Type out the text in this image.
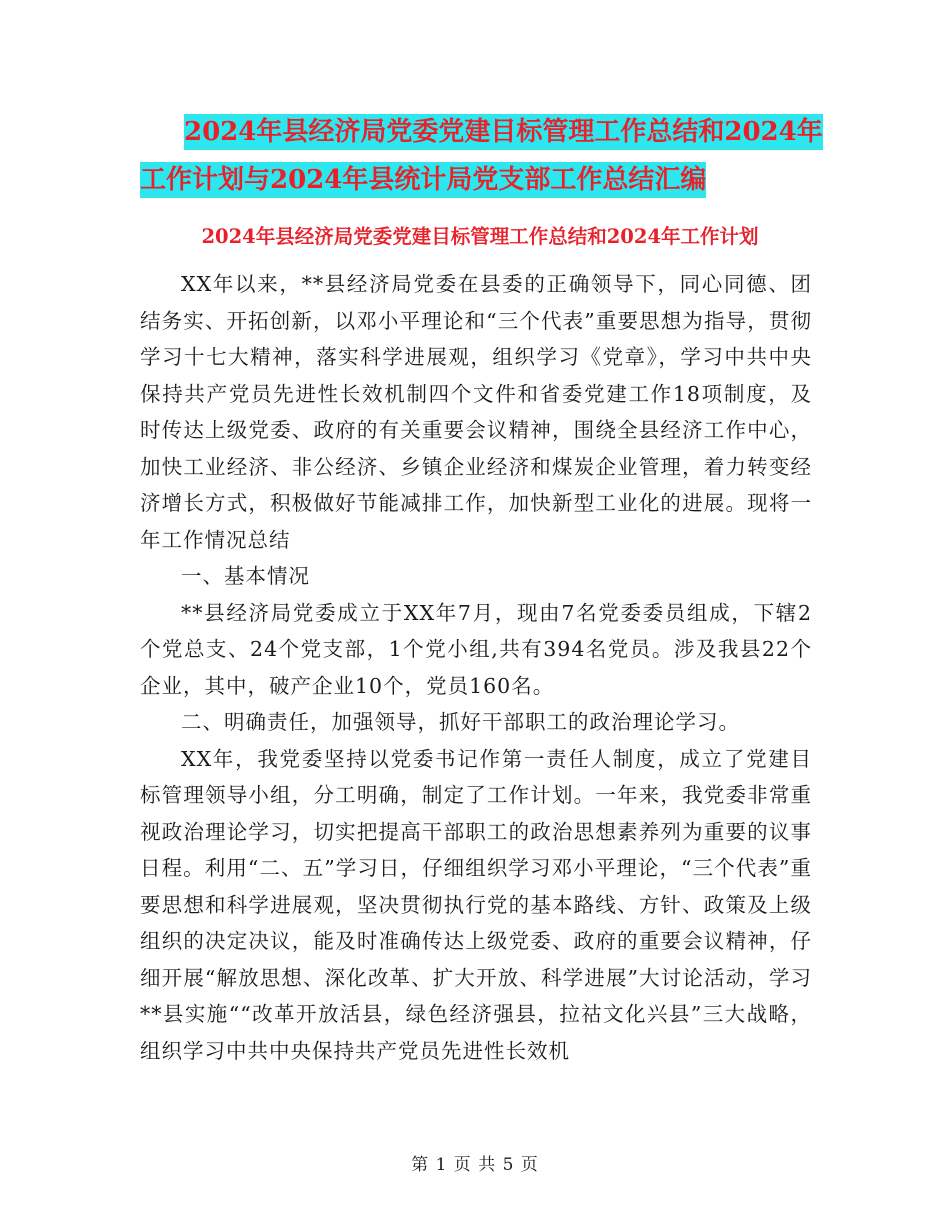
2024年县经济局党委党建目标管理工作总结和2024年
工作计划与2024年县统计局党支部工作总结汇编
2024年县经济局党委党建目标管理工作总结和2024年工作计划

XX年以来，**县经济局党委在县委的正确领导下，同心同德、团结务实、开拓创新，以邓小平理论和“三个代表”重要思想为指导，贯彻学习十七大精神，落实科学进展观，组织学习《党章》，学习中共中央保持共产党员先进性长效机制四个文件和省委党建工作18项制度，及时传达上级党委、政府的有关重要会议精神，围绕全县经济工作中心，加快工业经济、非公经济、乡镇企业经济和煤炭企业管理，着力转变经济增长方式，积极做好节能减排工作，加快新型工业化的进展。现将一年工作情况总结

一、基本情况

**县经济局党委成立于XX年7月，现由7名党委委员组成，下辖2个党总支、24个党支部，1个党小组,共有394名党员。涉及我县22个企业，其中，破产企业10个，党员160名。

二、明确责任，加强领导，抓好干部职工的政治理论学习。

XX年，我党委坚持以党委书记作第一责任人制度，成立了党建目标管理领导小组，分工明确，制定了工作计划。一年来，我党委非常重视政治理论学习，切实把提高干部职工的政治思想素养列为重要的议事日程。利用“二、五”学习日，仔细组织学习邓小平理论，“三个代表”重要思想和科学进展观，坚决贯彻执行党的基本路线、方针、政策及上级组织的决定决议，能及时准确传达上级党委、政府的重要会议精神，仔细开展“解放思想、深化改革、扩大开放、科学进展”大讨论活动，学习**县实施““改革开放活县，绿色经济强县，拉祜文化兴县”三大战略，组织学习中共中央保持共产党员先进性长效机

第 1 页 共 5 页
